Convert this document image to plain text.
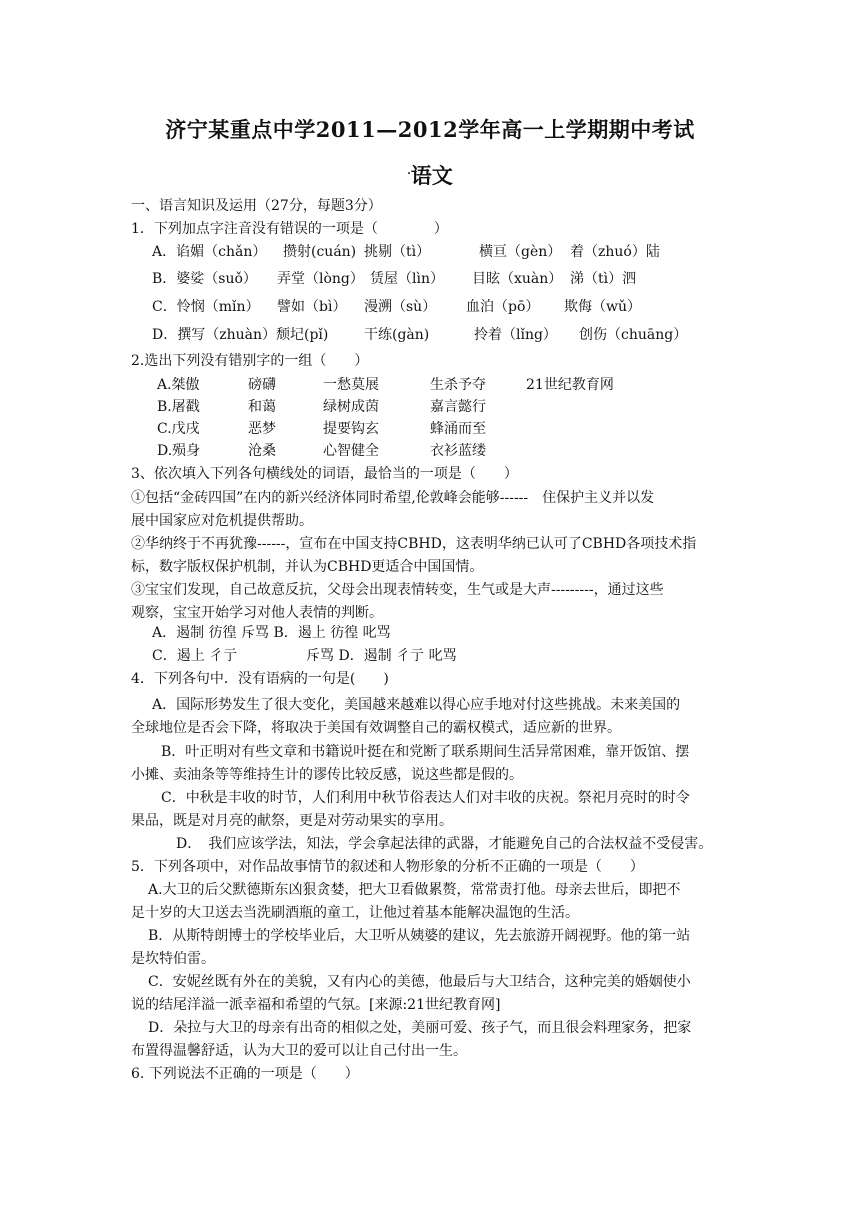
济宁某重点中学2011—2012学年高一上学期期中考试
.语文
一、语言知识及运用（27分，每题3分）
1．下列加点字注音没有错误的一项是（　　　　）
A．谄媚（chǎn） 攒射(cuán) 挑剔（tì）	横亘（gèn） 着（zhuó）陆
B．婆娑（suǒ） 弄堂（lòng） 赁屋（lìn） 目眩（xuàn） 涕（tì）泗
C．怜悯（mǐn） 譬如（bì） 漫溯（sù） 血泊（pō） 欺侮（wǔ）
D．撰写（zhuàn） 颓圮(pǐ)	干练(gàn)	拎着（lǐng） 创伤（chuāng）
2.选出下列没有错别字的一组（　　）
A.桀傲	磅礴	一愁莫展	生杀予夺	21世纪教育网
B.屠戳	和蔼	绿树成茵	嘉言懿行
C.戊戌	恶梦	提要钩玄	蜂涌而至
D.殒身	沧桑	心智健全	衣衫蓝缕
3、依次填入下列各句横线处的词语，最恰当的一项是（　　）
①包括“金砖四国”在内的新兴经济体同时希望,伦敦峰会能够------　住保护主义并以发
展中国家应对危机提供帮助。
②华纳终于不再犹豫------，宣布在中国支持CBHD，这表明华纳已认可了CBHD各项技术指
标，数字版权保护机制，并认为CBHD更适合中国国情。
③宝宝们发现，自己故意反抗，父母会出现表情转变，生气或是大声---------，通过这些
观察，宝宝开始学习对他人表情的判断。
A．遏制 彷徨 斥骂 B．遏上 彷徨 叱骂
C．遏上 彳亍	斥骂 D．遏制 彳亍 叱骂
4．下列各句中．没有语病的一句是(　　)
A．国际形势发生了很大变化，美国越来越难以得心应手地对付这些挑战。未来美国的
全球地位是否会下降，将取决于美国有效调整自己的霸权模式，适应新的世界。
B．叶正明对有些文章和书籍说叶挺在和党断了联系期间生活异常困难，靠开饭馆、摆
小摊、卖油条等等维持生计的谬传比较反感，说这些都是假的。
C．中秋是丰收的时节，人们利用中秋节俗表达人们对丰收的庆祝。祭祀月亮时的时令
果品，既是对月亮的献祭，更是对劳动果实的享用。
D．　我们应该学法，知法，学会拿起法律的武器，才能避免自己的合法权益不受侵害。
5．下列各项中，对作品故事情节的叙述和人物形象的分析不正确的一项是（　　）
A.大卫的后父默德斯东凶狠贪婪，把大卫看做累赘，常常责打他。母亲去世后，即把不
足十岁的大卫送去当洗刷酒瓶的童工，让他过着基本能解决温饱的生活。
B．从斯特朗博士的学校毕业后，大卫听从姨婆的建议，先去旅游开阔视野。他的第一站
是坎特伯雷。
C．安妮丝既有外在的美貌，又有内心的美德，他最后与大卫结合，这种完美的婚姻使小
说的结尾洋溢一派幸福和希望的气氛。[来源:21世纪教育网]
D．朵拉与大卫的母亲有出奇的相似之处，美丽可爱、孩子气，而且很会料理家务，把家
布置得温馨舒适，认为大卫的爱可以让自己付出一生。
6. 下列说法不正确的一项是（　　）
